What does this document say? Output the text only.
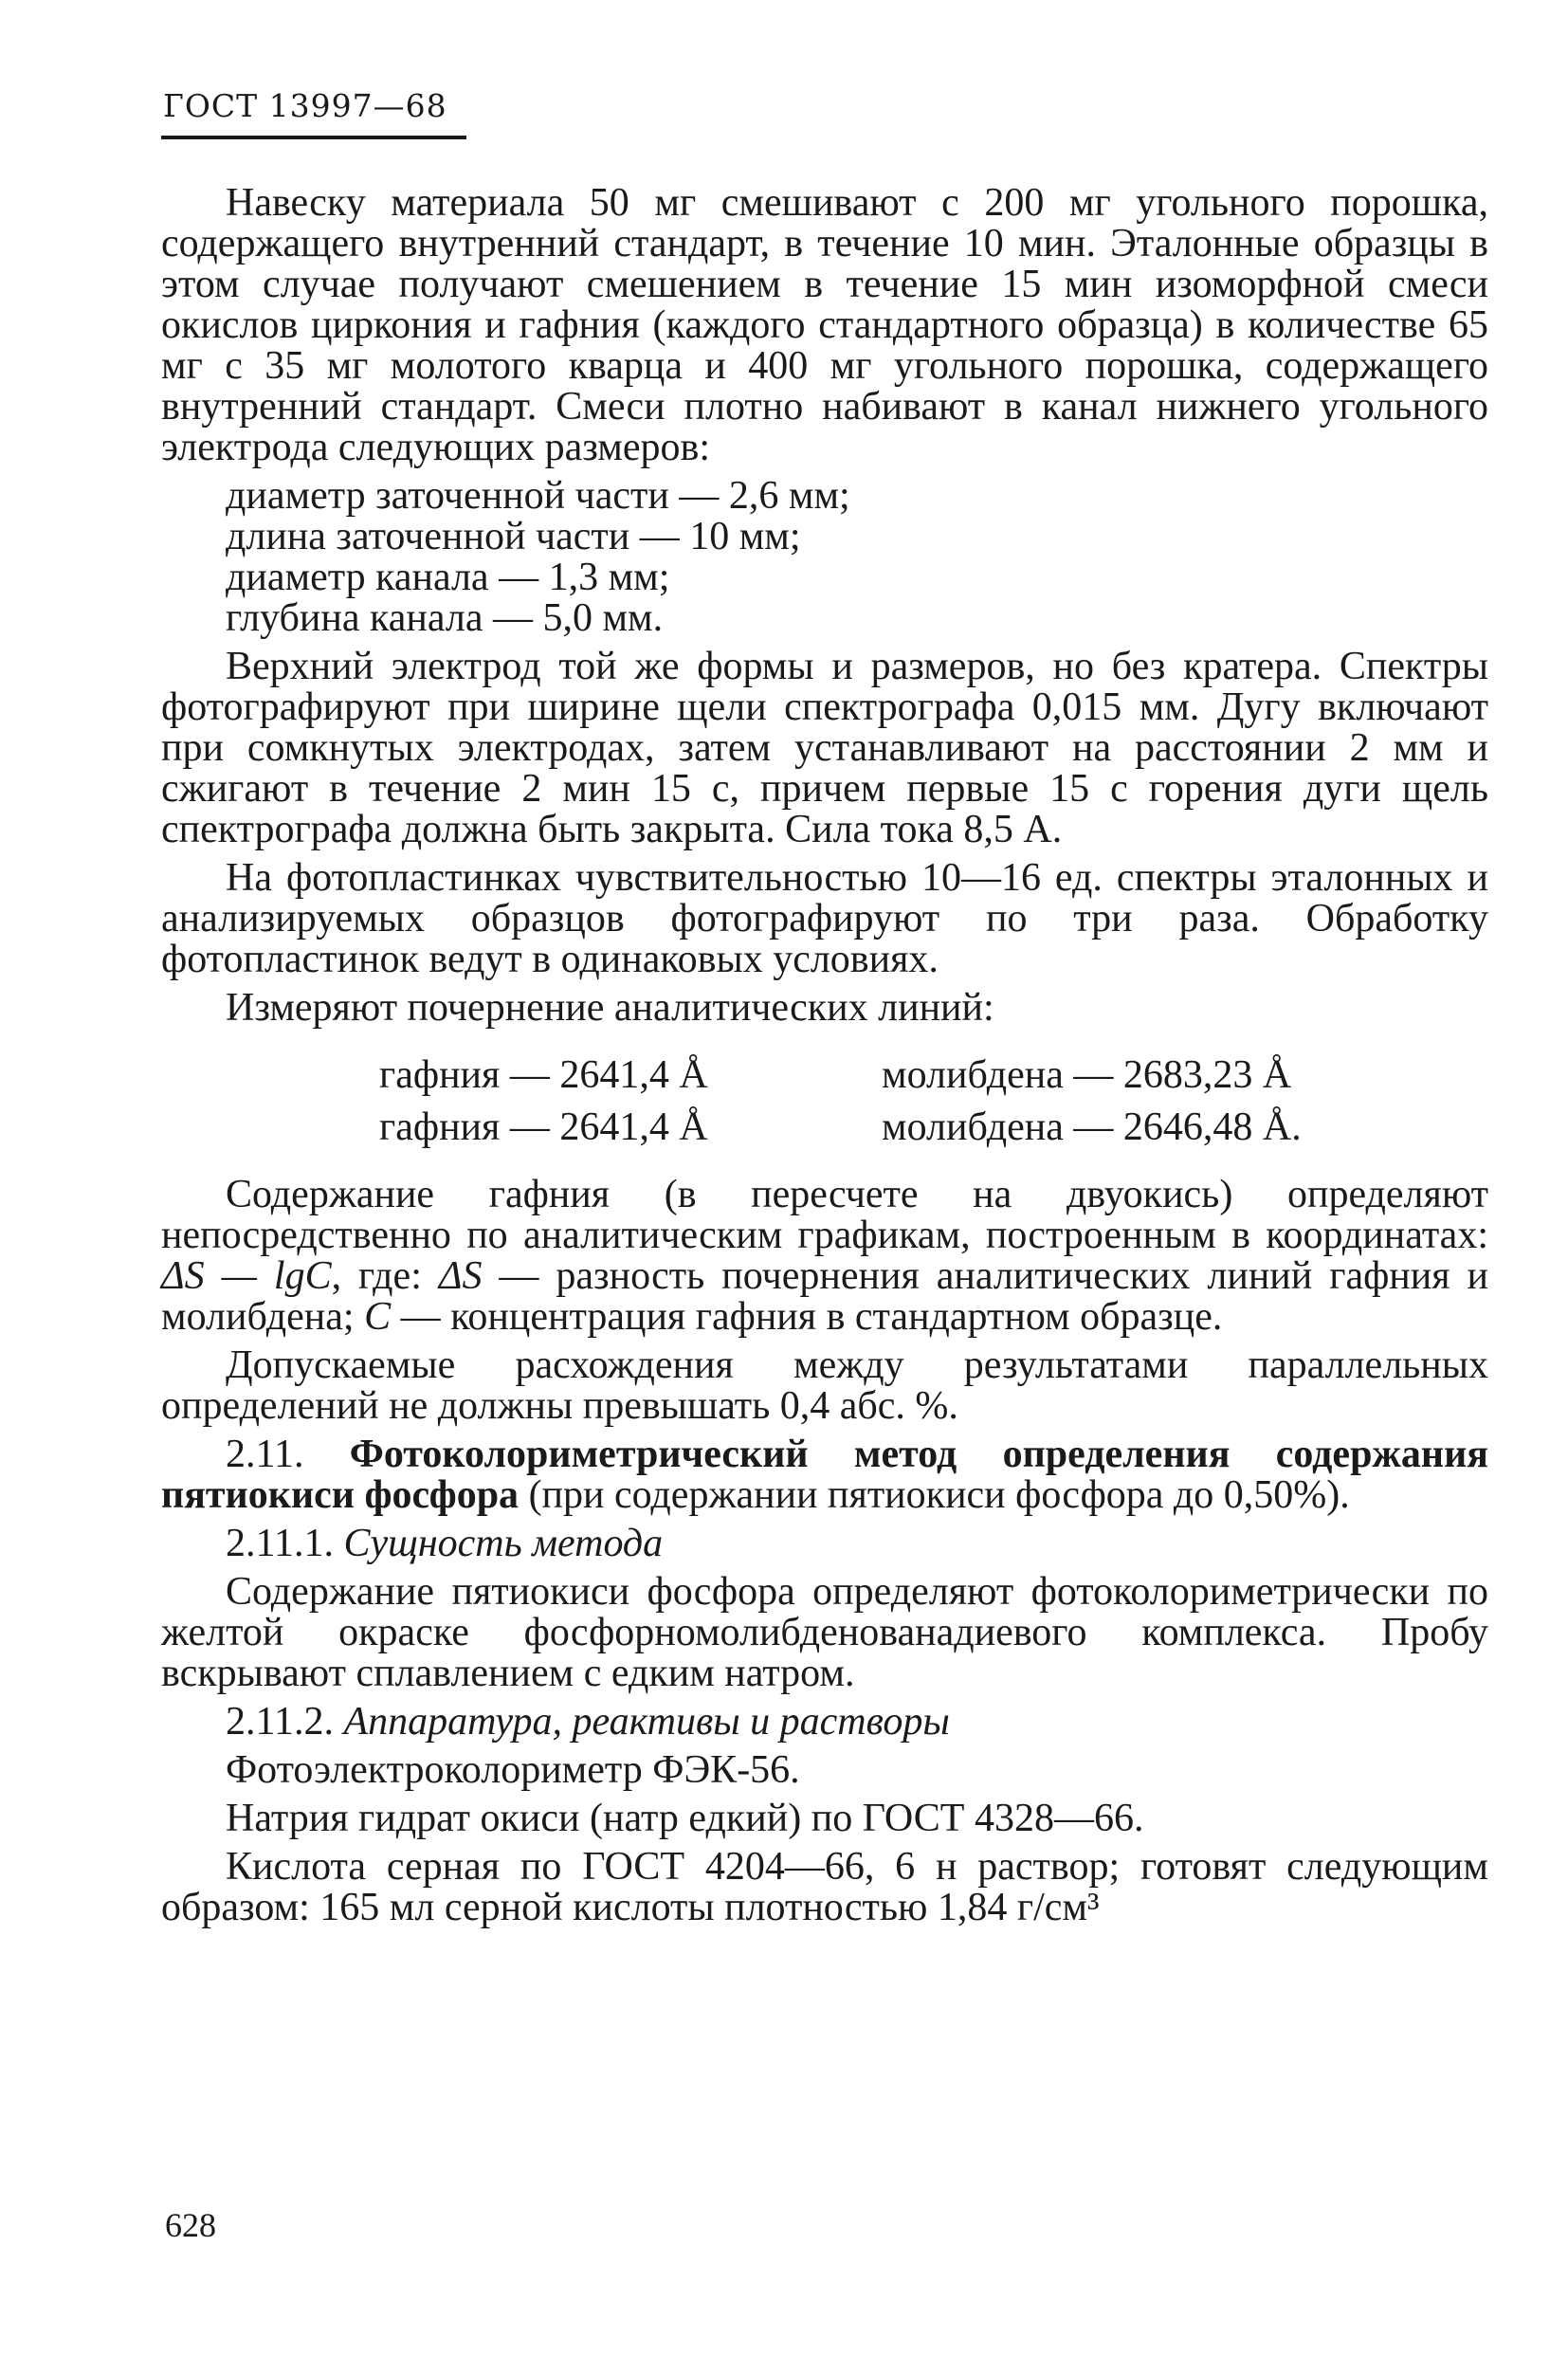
ГОСТ 13997—68

Навеску материала 50 мг смешивают с 200 мг угольного порошка, содержащего внутренний стандарт, в течение 10 мин. Эталонные образцы в этом случае получают смешением в течение 15 мин изоморфной смеси окислов циркония и гафния (каждого стандартного образца) в количестве 65 мг с 35 мг молотого кварца и 400 мг угольного порошка, содержащего внутренний стандарт. Смеси плотно набивают в канал нижнего угольного электрода следующих размеров:

диаметр заточенной части — 2,6 мм;
длина заточенной части — 10 мм;
диаметр канала — 1,3 мм;
глубина канала — 5,0 мм.

Верхний электрод той же формы и размеров, но без кратера. Спектры фотографируют при ширине щели спектрографа 0,015 мм. Дугу включают при сомкнутых электродах, затем устанавливают на расстоянии 2 мм и сжигают в течение 2 мин 15 с, причем первые 15 с горения дуги щель спектрографа должна быть закрыта. Сила тока 8,5 А.

На фотопластинках чувствительностью 10—16 ед. спектры эталонных и анализируемых образцов фотографируют по три раза. Обработку фотопластинок ведут в одинаковых условиях.

Измеряют почернение аналитических линий:

гафния — 2641,4 Å	молибдена — 2683,23 Å
гафния — 2641,4 Å	молибдена — 2646,48 Å.

Содержание гафния (в пересчете на двуокись) определяют непосредственно по аналитическим графикам, построенным в координатах: ΔS — lgC, где: ΔS — разность почернения аналитических линий гафния и молибдена; C — концентрация гафния в стандартном образце.

Допускаемые расхождения между результатами параллельных определений не должны превышать 0,4 абс. %.

2.11. Фотоколориметрический метод определения содержания пятиокиси фосфора (при содержании пятиокиси фосфора до 0,50%).

2.11.1. Сущность метода

Содержание пятиокиси фосфора определяют фотоколориметрически по желтой окраске фосфорномолибденованадиевого комплекса. Пробу вскрывают сплавлением с едким натром.

2.11.2. Аппаратура, реактивы и растворы

Фотоэлектроколориметр ФЭК-56.

Натрия гидрат окиси (натр едкий) по ГОСТ 4328—66.

Кислота серная по ГОСТ 4204—66, 6 н раствор; готовят следующим образом: 165 мл серной кислоты плотностью 1,84 г/см³

628
